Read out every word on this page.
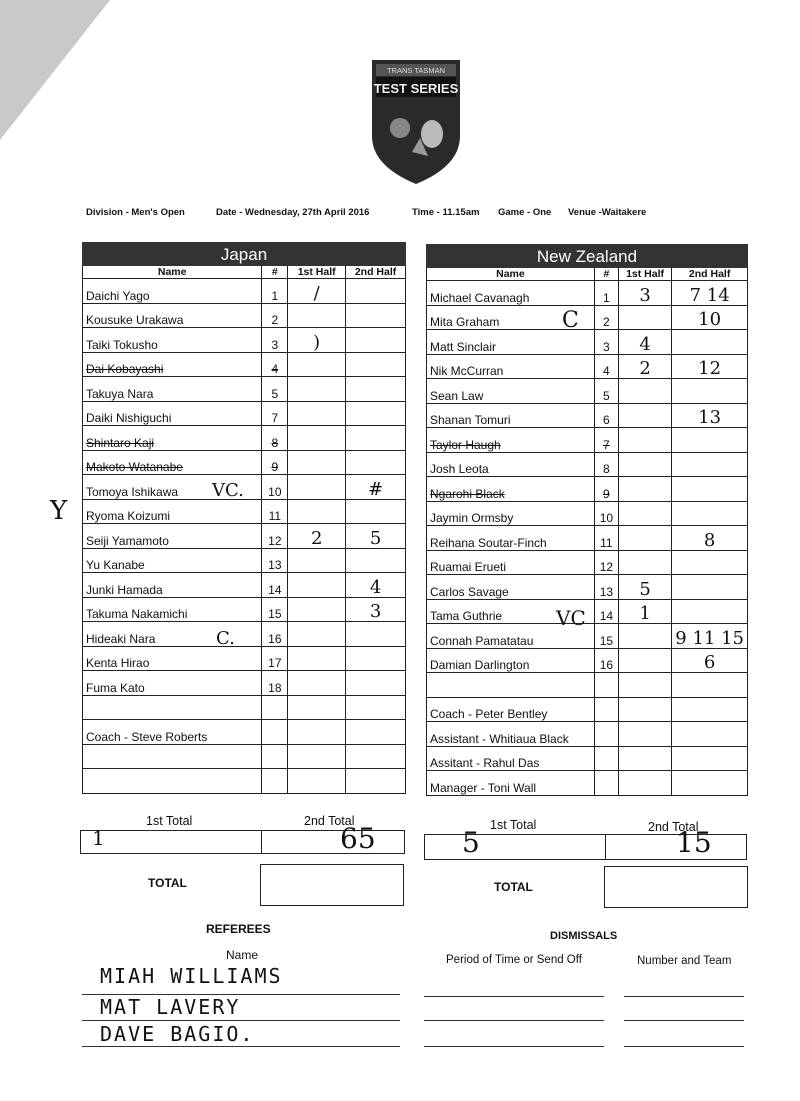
TRANS TASMAN
TEST SERIES
Division - Men's Open	Date - Wednesday, 27th April 2016	Time - 11.15am Game - One Venue -Waitakere
Japan			
Name	#	1st Half	2nd Half
Daichi Yago	1	/	
Kousuke Urakawa	2		
Taiki Tokusho	3	)	
Dai Kobayashi	4		
Takuya Nara	5		
Daiki Nishiguchi	7		
Shintaro Kaji	8		
Makoto Watanabe	9		
Tomoya Ishikawa	10		#
Ryoma Koizumi	11		
Seiji Yamamoto	12	2	5
Yu Kanabe	13		
Junki Hamada	14		4
Takuma Nakamichi	15		3
Hideaki Nara	16		
Kenta Hirao	17		
Fuma Kato	18		

Coach - Steve Roberts			

New Zealand			
Name	#	1st Half	2nd Half
Michael Cavanagh	1	3	7 14
Mita Graham	2		10
Matt Sinclair	3	4	
Nik McCurran	4	2	12
Sean Law	5		
Shanan Tomuri	6		13
Taylor Haugh	7		
Josh Leota	8		
Ngarohi Black	9		
Jaymin Ormsby	10		
Reihana Soutar-Finch	11		8
Ruamai Erueti	12		
Carlos Savage	13	5	
Tama Guthrie	14	1	
Connah Pamatatau	15		9 11 15
Damian Darlington	16		6

Coach - Peter Bentley			
Assistant - Whitiaua Black			
Assitant - Rahul Das			
Manager - Toni Wall			
VC.
C.
Y
C
VC
1st Total	2nd Total
1	65
TOTAL
1st Total	2nd Total
5	15
TOTAL
REFEREES
Name
MIAH WILLIAMS
MAT LAVERY
DAVE BAGIO.
DISMISSALS
Period of Time or Send Off	Number and Team
